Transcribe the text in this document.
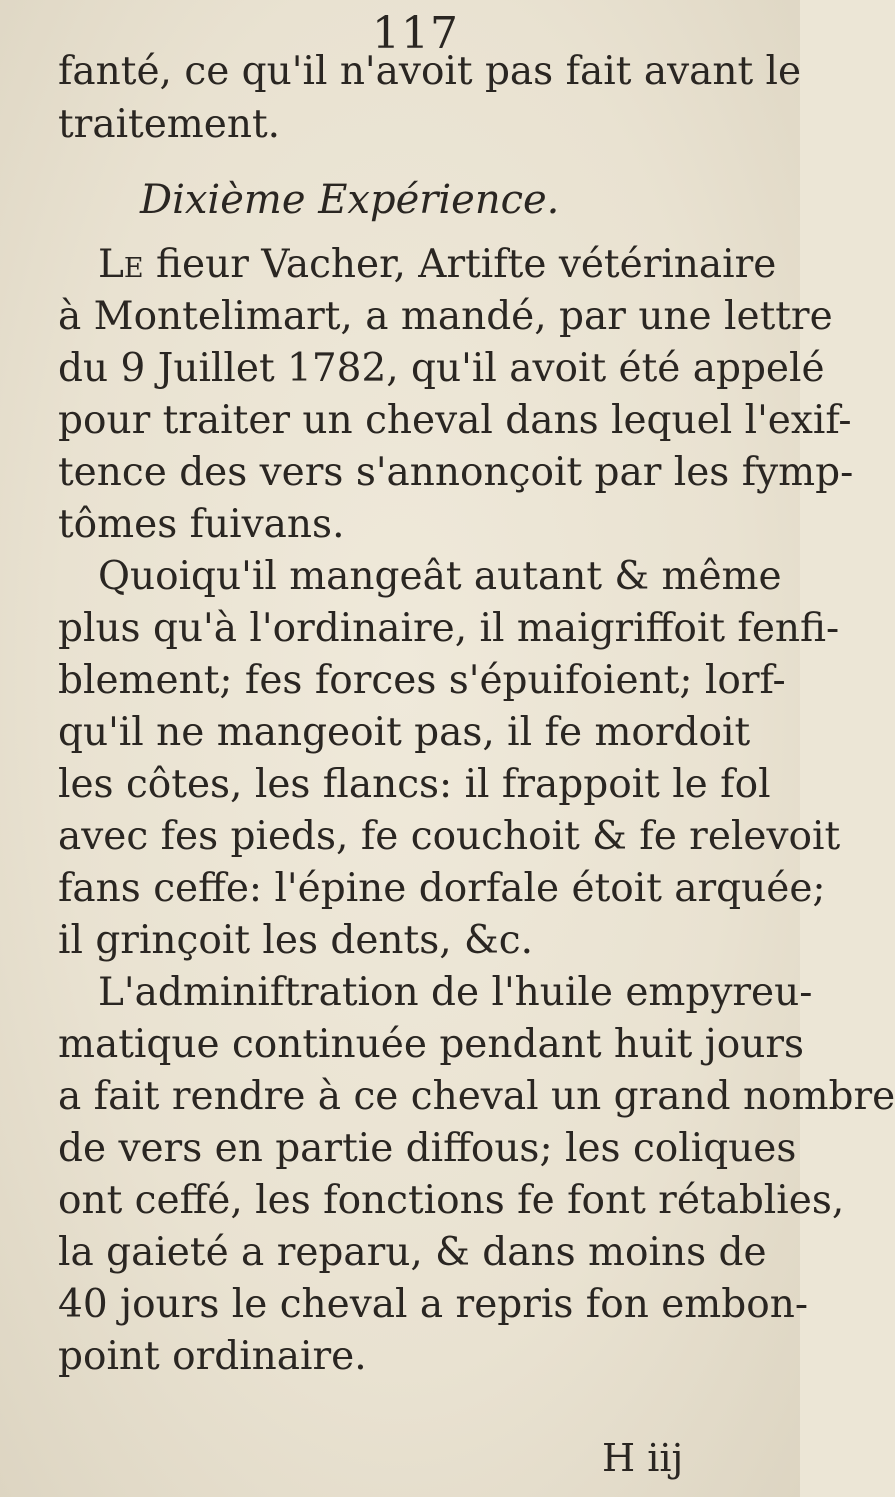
117
fanté, ce qu'il n'avoit pas fait avant le
traitement.
Dixième Expérience.
Le fieur Vacher, Artifte vétérinaire
à Montelimart, a mandé, par une lettre
du 9 Juillet 1782, qu'il avoit été appelé
pour traiter un cheval dans lequel l'exif-
tence des vers s'annonçoit par les fymp-
tômes fuivans.
Quoiqu'il mangeât autant & même
plus qu'à l'ordinaire, il maigriffoit fenfi-
blement; fes forces s'épuifoient; lorf-
qu'il ne mangeoit pas, il fe mordoit
les côtes, les flancs: il frappoit le fol
avec fes pieds, fe couchoit & fe relevoit
fans ceffe: l'épine dorfale étoit arquée;
il grinçoit les dents, &c.
L'adminiftration de l'huile empyreu-
matique continuée pendant huit jours
a fait rendre à ce cheval un grand nombre
de vers en partie diffous; les coliques
ont ceffé, les fonctions fe font rétablies,
la gaieté a reparu, & dans moins de
40 jours le cheval a repris fon embon-
point ordinaire.
H iij
